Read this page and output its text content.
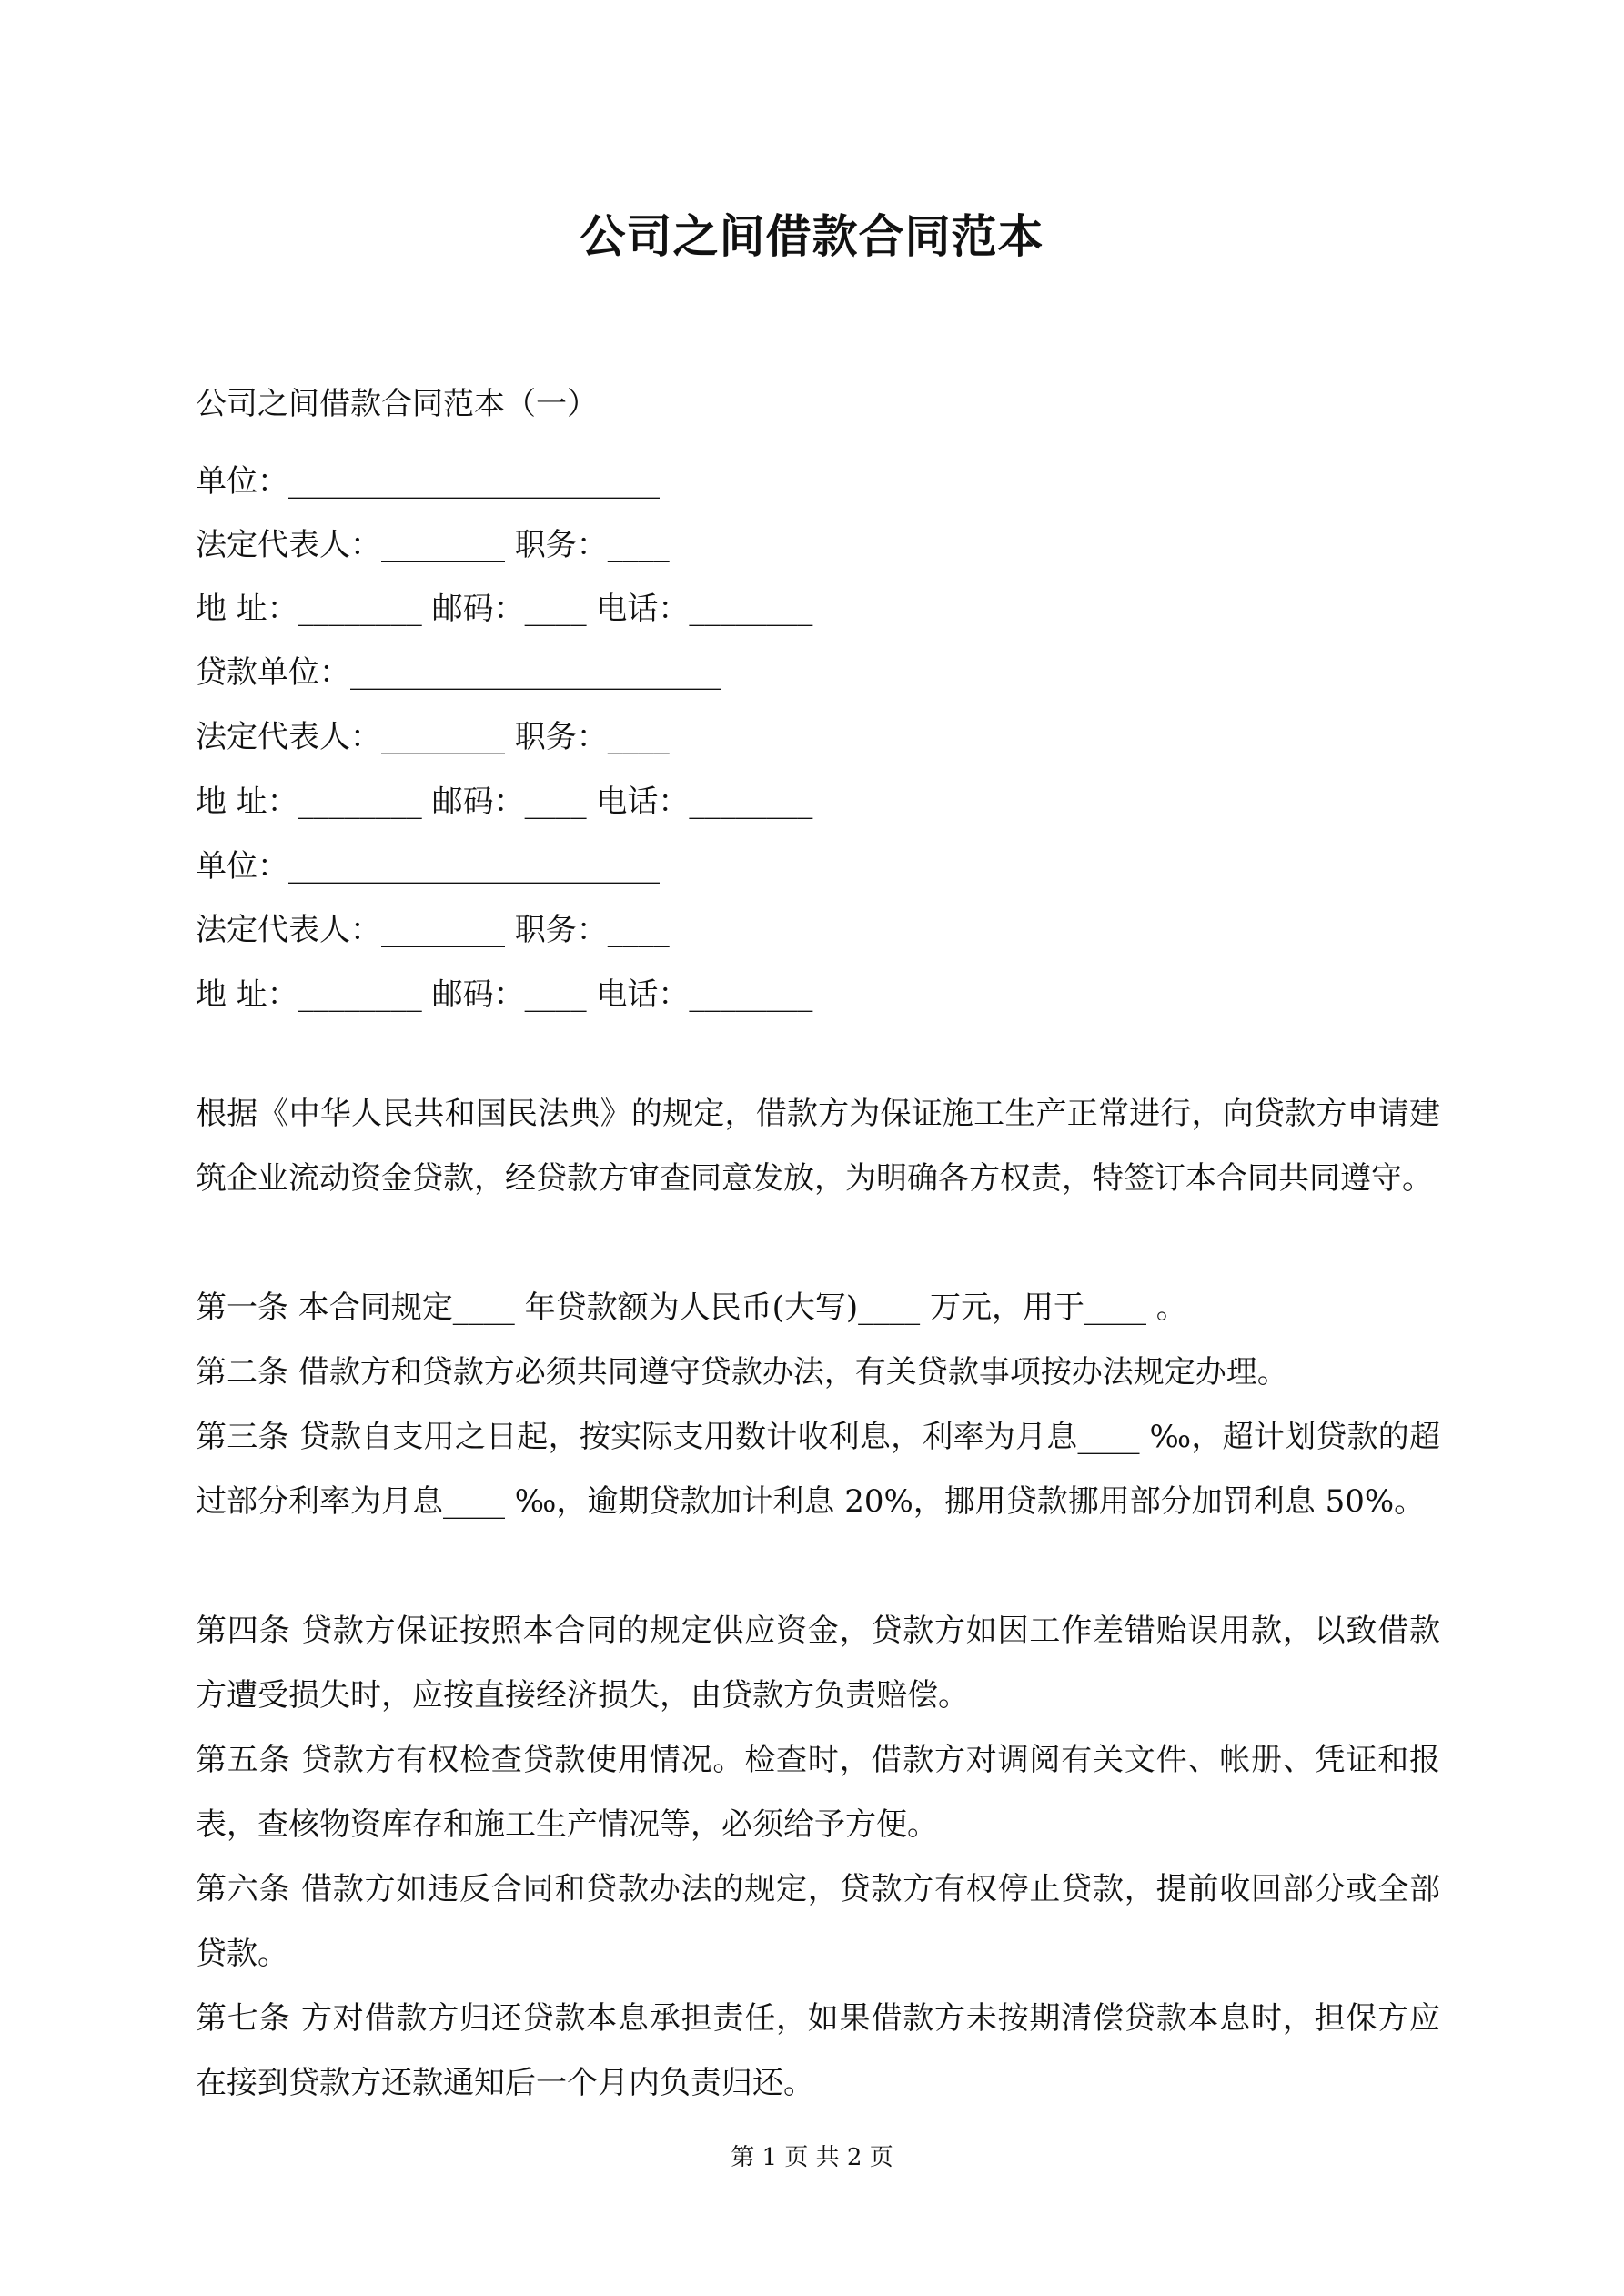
公司之间借款合同范本
公司之间借款合同范本（一）
单位：________________________
法定代表人：________ 职务：____
地 址：________ 邮码：____ 电话：________
贷款单位：________________________
法定代表人：________ 职务：____
地 址：________ 邮码：____ 电话：________
单位：________________________
法定代表人：________ 职务：____
地 址：________ 邮码：____ 电话：________
根据《中华人民共和国民法典》的规定，借款方为保证施工生产正常进行，向贷款方申请建筑企业流动资金贷款，经贷款方审查同意发放，为明确各方权责，特签订本合同共同遵守。
第一条 本合同规定____ 年贷款额为人民币(大写)____ 万元，用于____ 。
第二条 借款方和贷款方必须共同遵守贷款办法，有关贷款事项按办法规定办理。
第三条 贷款自支用之日起，按实际支用数计收利息，利率为月息____ ‰，超计划贷款的超过部分利率为月息____ ‰，逾期贷款加计利息 20%，挪用贷款挪用部分加罚利息 50%。
第四条 贷款方保证按照本合同的规定供应资金，贷款方如因工作差错贻误用款，以致借款方遭受损失时，应按直接经济损失，由贷款方负责赔偿。
第五条 贷款方有权检查贷款使用情况。检查时，借款方对调阅有关文件、帐册、凭证和报表，查核物资库存和施工生产情况等，必须给予方便。
第六条 借款方如违反合同和贷款办法的规定，贷款方有权停止贷款，提前收回部分或全部贷款。
第七条 方对借款方归还贷款本息承担责任，如果借款方未按期清偿贷款本息时，担保方应在接到贷款方还款通知后一个月内负责归还。
第 1 页 共 2 页
